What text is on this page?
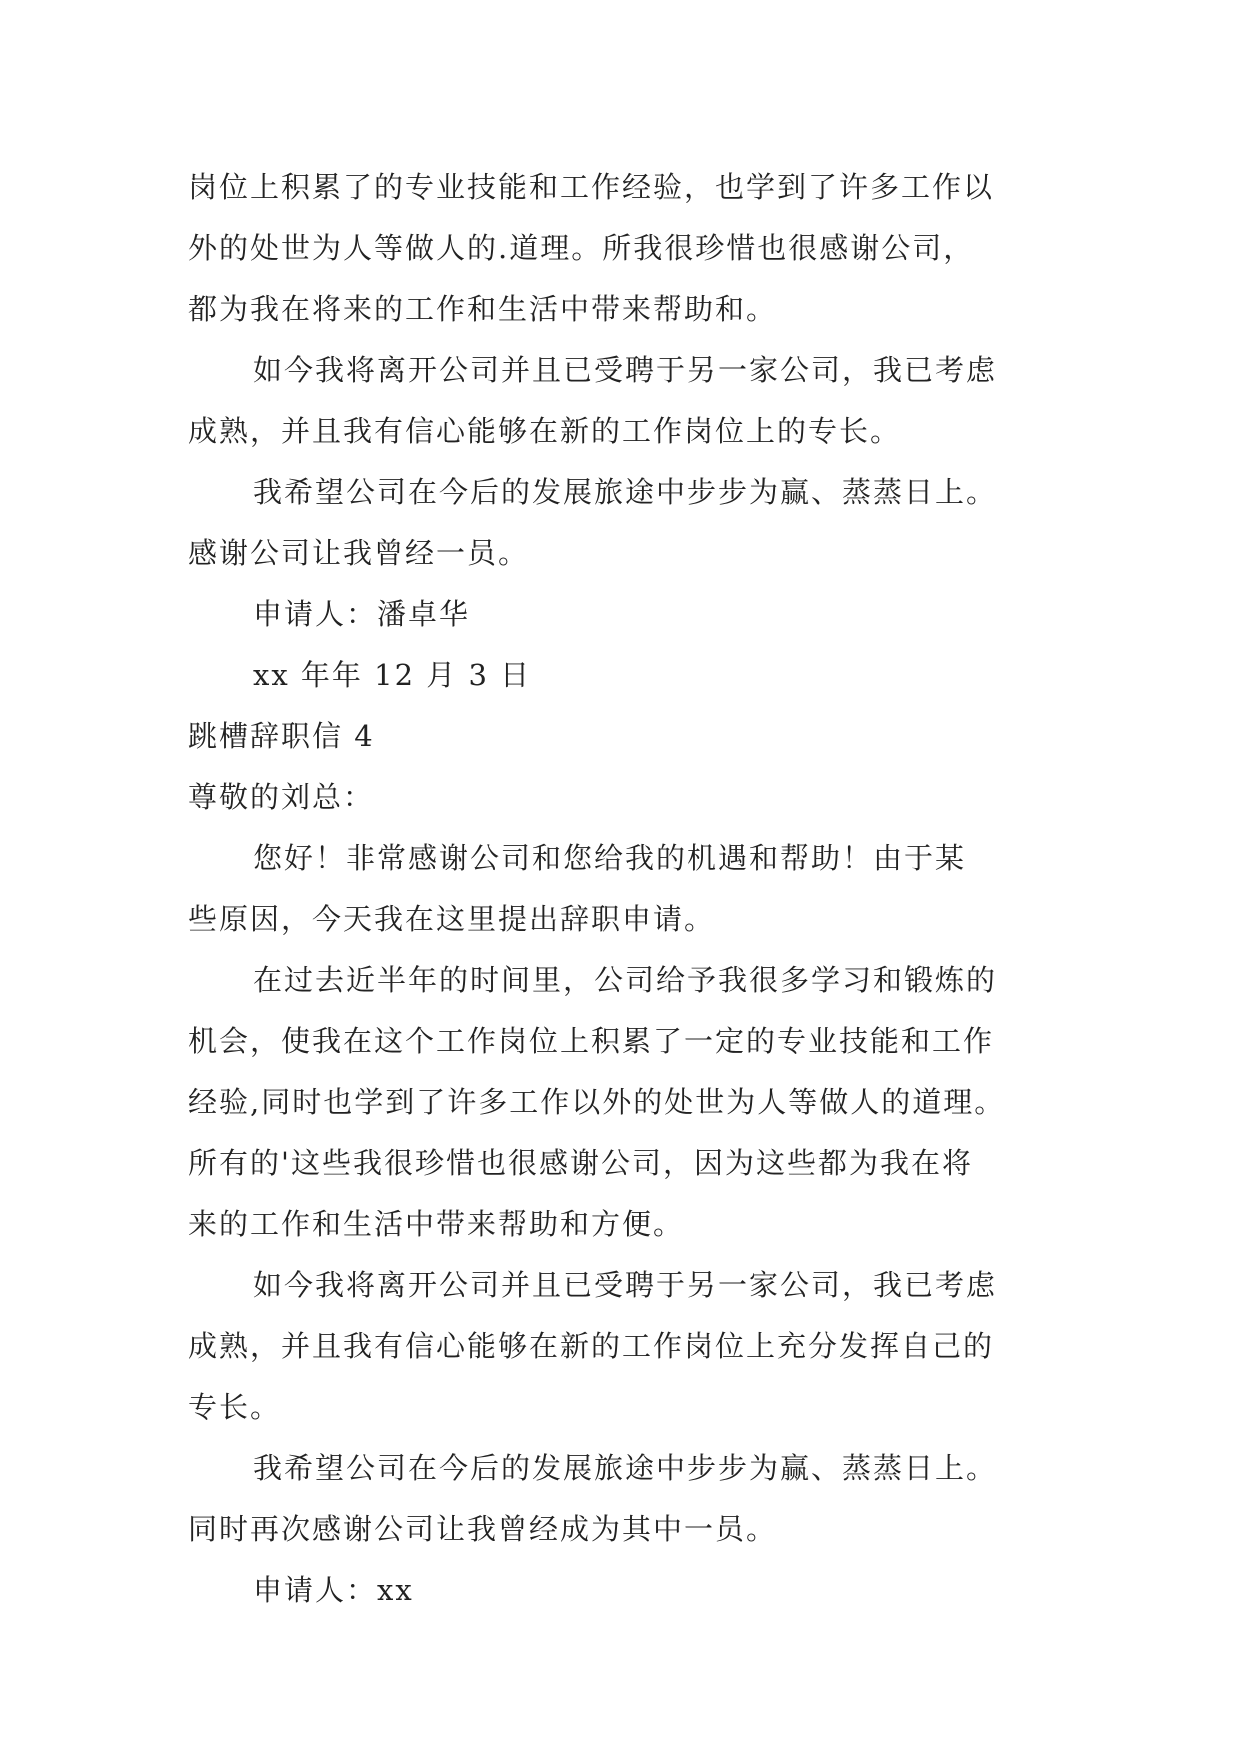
岗位上积累了的专业技能和工作经验，也学到了许多工作以
外的处世为人等做人的.道理。所我很珍惜也很感谢公司，
都为我在将来的工作和生活中带来帮助和。
如今我将离开公司并且已受聘于另一家公司，我已考虑
成熟，并且我有信心能够在新的工作岗位上的专长。
我希望公司在今后的发展旅途中步步为赢、蒸蒸日上。
感谢公司让我曾经一员。
申请人：潘卓华
xx 年年 12 月 3 日
跳槽辞职信 4
尊敬的刘总：
您好！非常感谢公司和您给我的机遇和帮助！由于某
些原因，今天我在这里提出辞职申请。
在过去近半年的时间里，公司给予我很多学习和锻炼的
机会，使我在这个工作岗位上积累了一定的专业技能和工作
经验,同时也学到了许多工作以外的处世为人等做人的道理。
所有的'这些我很珍惜也很感谢公司，因为这些都为我在将
来的工作和生活中带来帮助和方便。
如今我将离开公司并且已受聘于另一家公司，我已考虑
成熟，并且我有信心能够在新的工作岗位上充分发挥自己的
专长。
我希望公司在今后的发展旅途中步步为赢、蒸蒸日上。
同时再次感谢公司让我曾经成为其中一员。
申请人：xx
